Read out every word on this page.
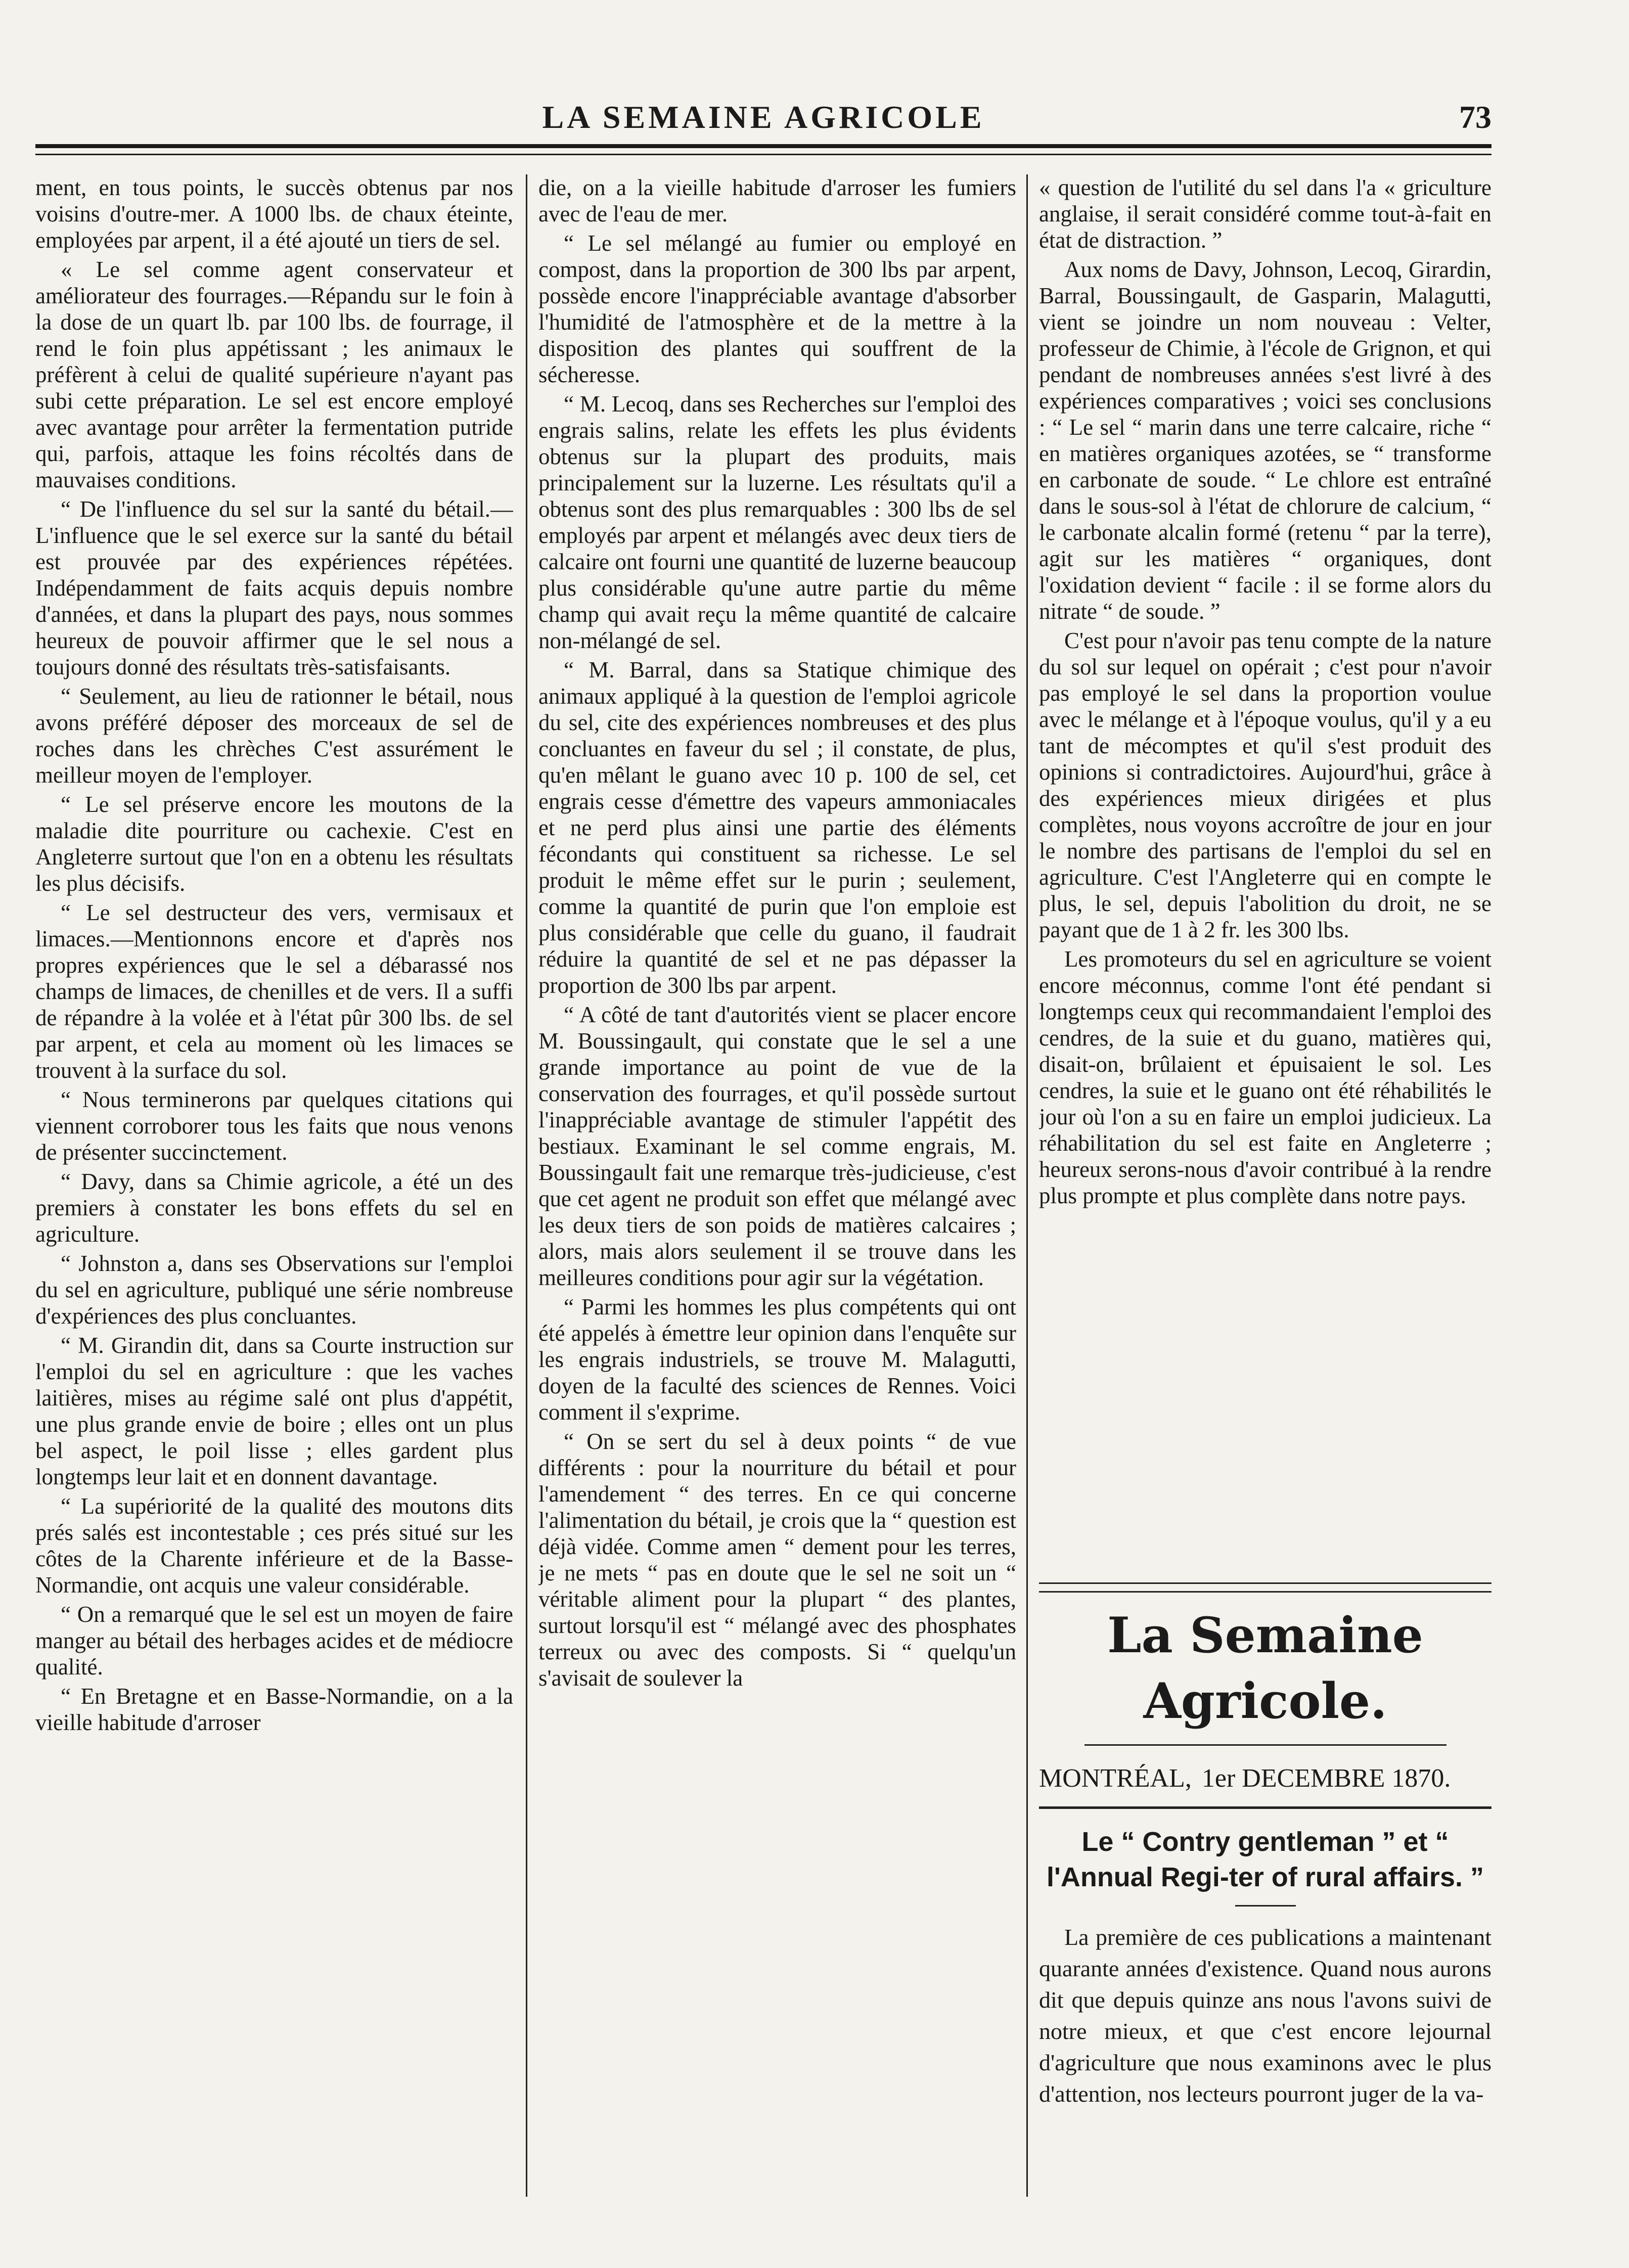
LA SEMAINE AGRICOLE	73

ment, en tous points, le succès obtenus par nos voisins d'outre-mer. A 1000 lbs. de chaux éteinte, employées par arpent, il a été ajouté un tiers de sel.

« Le sel comme agent conservateur et améliorateur des fourrages.—Répandu sur le foin à la dose de un quart lb. par 100 lbs. de fourrage, il rend le foin plus appétissant ; les animaux le préfèrent à celui de qualité supérieure n'ayant pas subi cette préparation. Le sel est encore employé avec avantage pour arrêter la fermentation putride qui, parfois, attaque les foins récoltés dans de mauvaises conditions.

“ De l'influence du sel sur la santé du bétail.—L'influence que le sel exerce sur la santé du bétail est prouvée par des expériences répétées. Indépendamment de faits acquis depuis nombre d'années, et dans la plupart des pays, nous sommes heureux de pouvoir affirmer que le sel nous a toujours donné des résultats très-satisfaisants.

“ Seulement, au lieu de rationner le bétail, nous avons préféré déposer des morceaux de sel de roches dans les chrèches C'est assurément le meilleur moyen de l'employer.

“ Le sel préserve encore les moutons de la maladie dite pourriture ou cachexie. C'est en Angleterre surtout que l'on en a obtenu les résultats les plus décisifs.

“ Le sel destructeur des vers, vermisaux et limaces.—Mentionnons encore et d'après nos propres expériences que le sel a débarassé nos champs de limaces, de chenilles et de vers. Il a suffi de répandre à la volée et à l'état pûr 300 lbs. de sel par arpent, et cela au moment où les limaces se trouvent à la surface du sol.

“ Nous terminerons par quelques citations qui viennent corroborer tous les faits que nous venons de présenter succinctement.

“ Davy, dans sa Chimie agricole, a été un des premiers à constater les bons effets du sel en agriculture.

“ Johnston a, dans ses Observations sur l'emploi du sel en agriculture, publiqué une série nombreuse d'expériences des plus concluantes.

“ M. Girandin dit, dans sa Courte instruction sur l'emploi du sel en agriculture : que les vaches laitières, mises au régime salé ont plus d'appétit, une plus grande envie de boire ; elles ont un plus bel aspect, le poil lisse ; elles gardent plus longtemps leur lait et en donnent davantage.

“ La supériorité de la qualité des moutons dits prés salés est incontestable ; ces prés situé sur les côtes de la Charente inférieure et de la Basse-Normandie, ont acquis une valeur considérable.

“ On a remarqué que le sel est un moyen de faire manger au bétail des herbages acides et de médiocre qualité.

“ En Bretagne et en Basse-Normandie, on a la vieille habitude d'arroser

die, on a la vieille habitude d'arroser les fumiers avec de l'eau de mer.

“ Le sel mélangé au fumier ou employé en compost, dans la proportion de 300 lbs par arpent, possède encore l'inappréciable avantage d'absorber l'humidité de l'atmosphère et de la mettre à la disposition des plantes qui souffrent de la sécheresse.

“ M. Lecoq, dans ses Recherches sur l'emploi des engrais salins, relate les effets les plus évidents obtenus sur la plupart des produits, mais principalement sur la luzerne. Les résultats qu'il a obtenus sont des plus remarquables : 300 lbs de sel employés par arpent et mélangés avec deux tiers de calcaire ont fourni une quantité de luzerne beaucoup plus considérable qu'une autre partie du même champ qui avait reçu la même quantité de calcaire non-mélangé de sel.

“ M. Barral, dans sa Statique chimique des animaux appliqué à la question de l'emploi agricole du sel, cite des expériences nombreuses et des plus concluantes en faveur du sel ; il constate, de plus, qu'en mêlant le guano avec 10 p. 100 de sel, cet engrais cesse d'émettre des vapeurs ammoniacales et ne perd plus ainsi une partie des éléments fécondants qui constituent sa richesse. Le sel produit le même effet sur le purin ; seulement, comme la quantité de purin que l'on emploie est plus considérable que celle du guano, il faudrait réduire la quantité de sel et ne pas dépasser la proportion de 300 lbs par arpent.

“ A côté de tant d'autorités vient se placer encore M. Boussingault, qui constate que le sel a une grande importance au point de vue de la conservation des fourrages, et qu'il possède surtout l'inappréciable avantage de stimuler l'appétit des bestiaux. Examinant le sel comme engrais, M. Boussingault fait une remarque très-judicieuse, c'est que cet agent ne produit son effet que mélangé avec les deux tiers de son poids de matières calcaires ; alors, mais alors seulement il se trouve dans les meilleures conditions pour agir sur la végétation.

“ Parmi les hommes les plus compétents qui ont été appelés à émettre leur opinion dans l'enquête sur les engrais industriels, se trouve M. Malagutti, doyen de la faculté des sciences de Rennes. Voici comment il s'exprime.

“ On se sert du sel à deux points “ de vue différents : pour la nourriture du bétail et pour l'amendement “ des terres. En ce qui concerne l'alimentation du bétail, je crois que la “ question est déjà vidée. Comme amen “ dement pour les terres, je ne mets “ pas en doute que le sel ne soit un “ véritable aliment pour la plupart “ des plantes, surtout lorsqu'il est “ mélangé avec des phosphates terreux ou avec des composts. Si “ quelqu'un s'avisait de soulever la

« question de l'utilité du sel dans l'a « griculture anglaise, il serait considéré comme tout-à-fait en état de distraction. ”

Aux noms de Davy, Johnson, Lecoq, Girardin, Barral, Boussingault, de Gasparin, Malagutti, vient se joindre un nom nouveau : Velter, professeur de Chimie, à l'école de Grignon, et qui pendant de nombreuses années s'est livré à des expériences comparatives ; voici ses conclusions : “ Le sel “ marin dans une terre calcaire, riche “ en matières organiques azotées, se “ transforme en carbonate de soude. “ Le chlore est entraîné dans le sous-sol à l'état de chlorure de calcium, “ le carbonate alcalin formé (retenu “ par la terre), agit sur les matières “ organiques, dont l'oxidation devient “ facile : il se forme alors du nitrate “ de soude. ”

C'est pour n'avoir pas tenu compte de la nature du sol sur lequel on opérait ; c'est pour n'avoir pas employé le sel dans la proportion voulue avec le mélange et à l'époque voulus, qu'il y a eu tant de mécomptes et qu'il s'est produit des opinions si contradictoires. Aujourd'hui, grâce à des expériences mieux dirigées et plus complètes, nous voyons accroître de jour en jour le nombre des partisans de l'emploi du sel en agriculture. C'est l'Angleterre qui en compte le plus, le sel, depuis l'abolition du droit, ne se payant que de 1 à 2 fr. les 300 lbs.

Les promoteurs du sel en agriculture se voient encore méconnus, comme l'ont été pendant si longtemps ceux qui recommandaient l'emploi des cendres, de la suie et du guano, matières qui, disait-on, brûlaient et épuisaient le sol. Les cendres, la suie et le guano ont été réhabilités le jour où l'on a su en faire un emploi judicieux. La réhabilitation du sel est faite en Angleterre ; heureux serons-nous d'avoir contribué à la rendre plus prompte et plus complète dans notre pays.

La Semaine Agricole.
MONTRÉAL, 1er DECEMBRE 1870.
Le “ Contry gentleman ” et “ l'Annual Regi-ter of rural affairs. ”

La première de ces publications a maintenant quarante années d'existence. Quand nous aurons dit que depuis quinze ans nous l'avons suivi de notre mieux, et que c'est encore lejournal d'agriculture que nous examinons avec le plus d'attention, nos lecteurs pourront juger de la va-
